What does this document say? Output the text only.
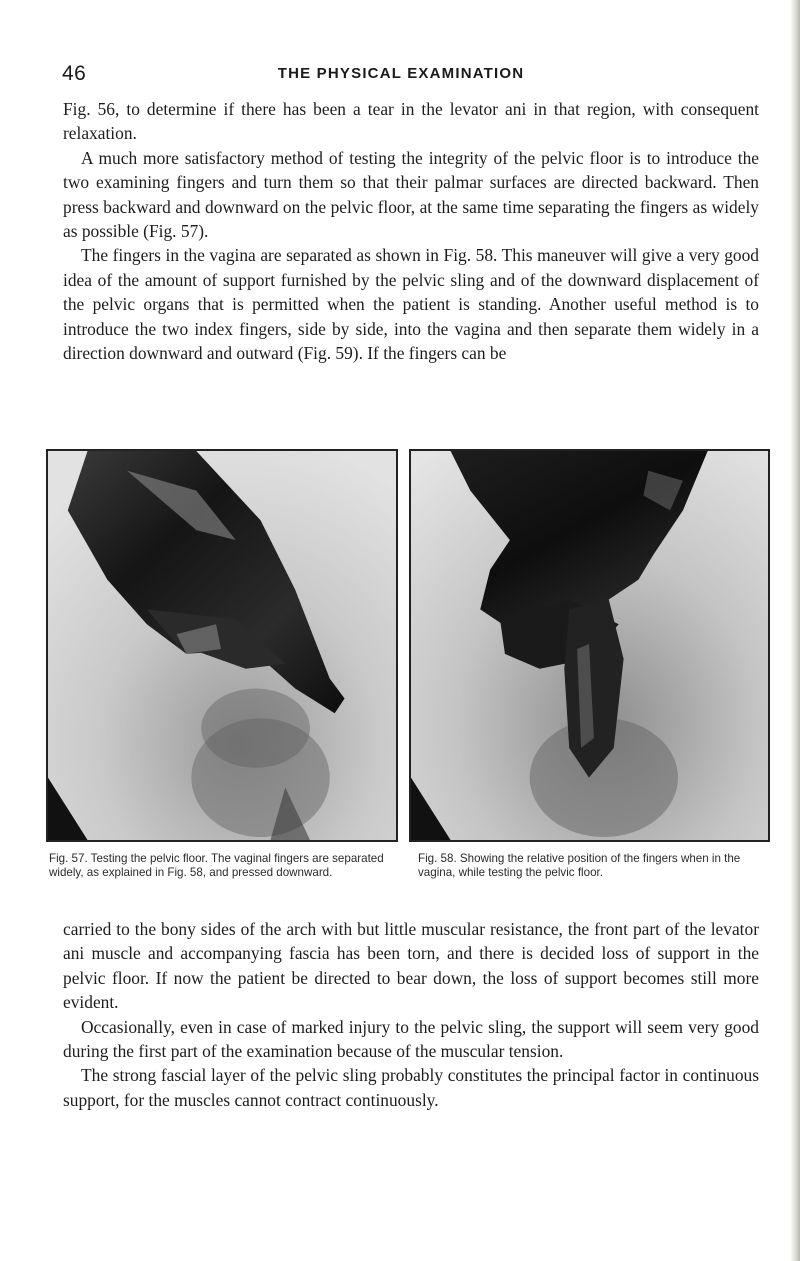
46	THE PHYSICAL EXAMINATION

Fig. 56, to determine if there has been a tear in the levator ani in that region, with consequent relaxation.

A much more satisfactory method of testing the integrity of the pelvic floor is to introduce the two examining fingers and turn them so that their palmar surfaces are directed backward. Then press backward and downward on the pelvic floor, at the same time separating the fingers as widely as possible (Fig. 57).

The fingers in the vagina are separated as shown in Fig. 58. This maneuver will give a very good idea of the amount of support furnished by the pelvic sling and of the downward displacement of the pelvic organs that is permitted when the patient is standing. Another useful method is to introduce the two index fingers, side by side, into the vagina and then separate them widely in a direction downward and outward (Fig. 59). If the fingers can be

Fig. 57. Testing the pelvic floor. The vaginal fingers are separated widely, as explained in Fig. 58, and pressed downward.
Fig. 58. Showing the relative position of the fingers when in the vagina, while testing the pelvic floor.

carried to the bony sides of the arch with but little muscular resistance, the front part of the levator ani muscle and accompanying fascia has been torn, and there is decided loss of support in the pelvic floor. If now the patient be directed to bear down, the loss of support becomes still more evident.

Occasionally, even in case of marked injury to the pelvic sling, the support will seem very good during the first part of the examination because of the muscular tension.

The strong fascial layer of the pelvic sling probably constitutes the principal factor in continuous support, for the muscles cannot contract continuously.
